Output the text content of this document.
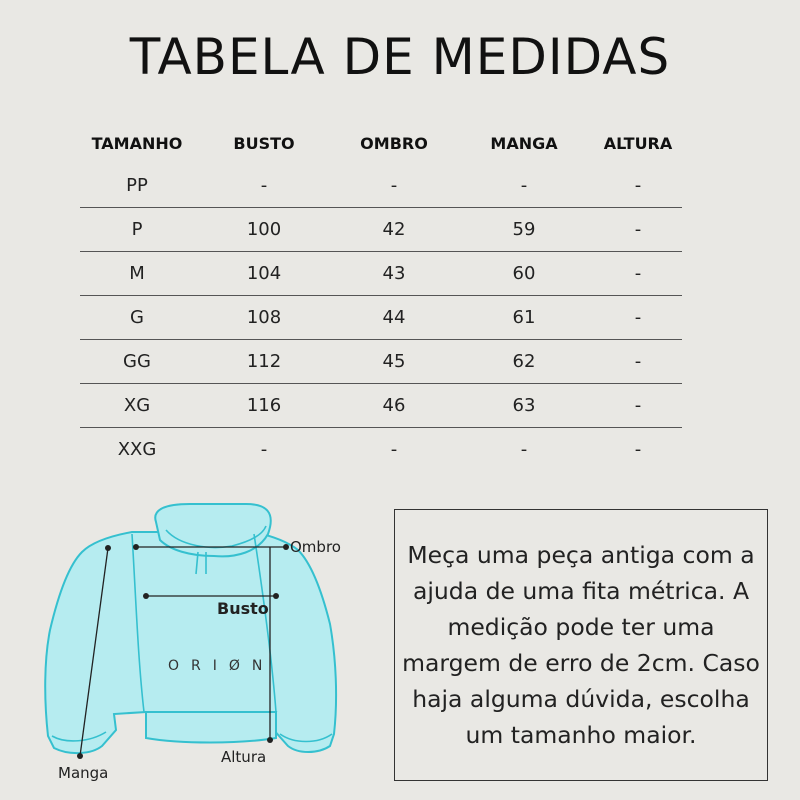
TABELA DE MEDIDAS
TAMANHO	BUSTO	OMBRO	MANGA	ALTURA
PP	-	-	-	-
P	100	42	59	-
M	104	43	60	-
G	108	44	61	-
GG	112	45	62	-
XG	116	46	63	-
XXG	-	-	-	-
Ombro
Busto
Altura
Manga
ORIØN

Meça uma peça antiga com a ajuda de uma fita métrica. A medição pode ter uma margem de erro de 2cm. Caso haja alguma dúvida, escolha um tamanho maior.
